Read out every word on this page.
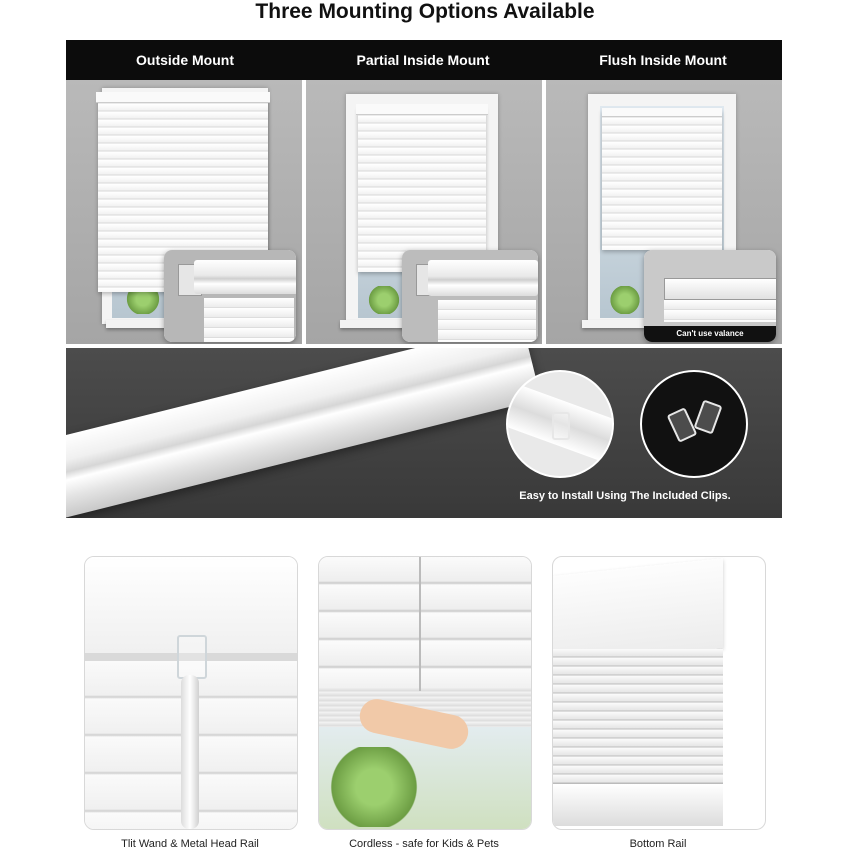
Three Mounting Options Available
Outside Mount	Partial Inside Mount	Flush Inside Mount
Can't use valance
Easy to Install Using The Included Clips.
Tlit Wand & Metal Head Rail	Cordless - safe for Kids & Pets	Bottom Rail
